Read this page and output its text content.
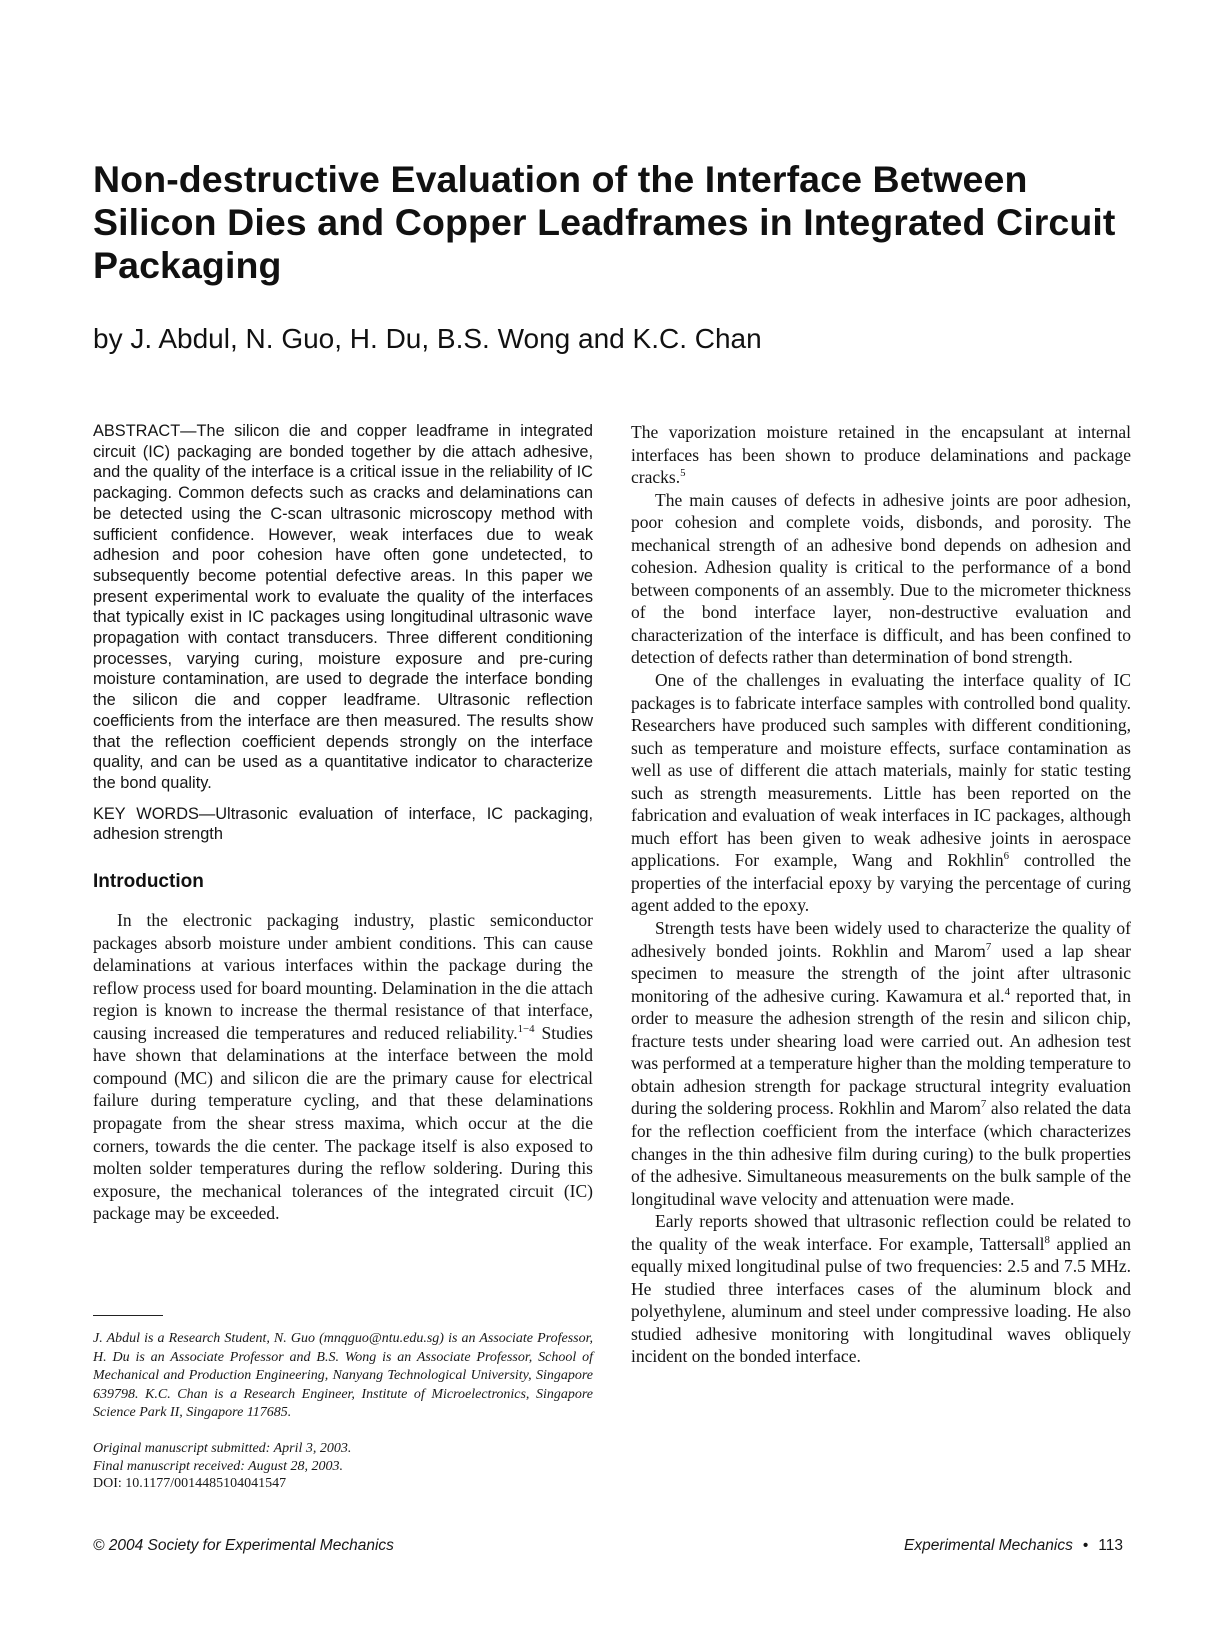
Non-destructive Evaluation of the Interface Between Silicon Dies and Copper Leadframes in Integrated Circuit Packaging
by J. Abdul, N. Guo, H. Du, B.S. Wong and K.C. Chan

ABSTRACT—The silicon die and copper leadframe in integrated circuit (IC) packaging are bonded together by die attach adhesive, and the quality of the interface is a critical issue in the reliability of IC packaging. Common defects such as cracks and delaminations can be detected using the C-scan ultrasonic microscopy method with sufficient confidence. However, weak interfaces due to weak adhesion and poor cohesion have often gone undetected, to subsequently become potential defective areas. In this paper we present experimental work to evaluate the quality of the interfaces that typically exist in IC packages using longitudinal ultrasonic wave propagation with contact transducers. Three different conditioning processes, varying curing, moisture exposure and pre-curing moisture contamination, are used to degrade the interface bonding the silicon die and copper leadframe. Ultrasonic reflection coefficients from the interface are then measured. The results show that the reflection coefficient depends strongly on the interface quality, and can be used as a quantitative indicator to characterize the bond quality.

KEY WORDS—Ultrasonic evaluation of interface, IC packaging, adhesion strength

Introduction

In the electronic packaging industry, plastic semiconductor packages absorb moisture under ambient conditions. This can cause delaminations at various interfaces within the package during the reflow process used for board mounting. Delamination in the die attach region is known to increase the thermal resistance of that interface, causing increased die temperatures and reduced reliability.$^{1-4}$ Studies have shown that delaminations at the interface between the mold compound (MC) and silicon die are the primary cause for electrical failure during temperature cycling, and that these delaminations propagate from the shear stress maxima, which occur at the die corners, towards the die center. The package itself is also exposed to molten solder temperatures during the reflow soldering. During this exposure, the mechanical tolerances of the integrated circuit (IC) package may be exceeded.

The vaporization moisture retained in the encapsulant at internal interfaces has been shown to produce delaminations and package cracks.$^5$

The main causes of defects in adhesive joints are poor adhesion, poor cohesion and complete voids, disbonds, and porosity. The mechanical strength of an adhesive bond depends on adhesion and cohesion. Adhesion quality is critical to the performance of a bond between components of an assembly. Due to the micrometer thickness of the bond interface layer, non-destructive evaluation and characterization of the interface is difficult, and has been confined to detection of defects rather than determination of bond strength.

One of the challenges in evaluating the interface quality of IC packages is to fabricate interface samples with controlled bond quality. Researchers have produced such samples with different conditioning, such as temperature and moisture effects, surface contamination as well as use of different die attach materials, mainly for static testing such as strength measurements. Little has been reported on the fabrication and evaluation of weak interfaces in IC packages, although much effort has been given to weak adhesive joints in aerospace applications. For example, Wang and Rokhlin$^6$ controlled the properties of the interfacial epoxy by varying the percentage of curing agent added to the epoxy.

Strength tests have been widely used to characterize the quality of adhesively bonded joints. Rokhlin and Marom$^7$ used a lap shear specimen to measure the strength of the joint after ultrasonic monitoring of the adhesive curing. Kawamura et al.$^4$ reported that, in order to measure the adhesion strength of the resin and silicon chip, fracture tests under shearing load were carried out. An adhesion test was performed at a temperature higher than the molding temperature to obtain adhesion strength for package structural integrity evaluation during the soldering process. Rokhlin and Marom$^7$ also related the data for the reflection coefficient from the interface (which characterizes changes in the thin adhesive film during curing) to the bulk properties of the adhesive. Simultaneous measurements on the bulk sample of the longitudinal wave velocity and attenuation were made.

Early reports showed that ultrasonic reflection could be related to the quality of the weak interface. For example, Tattersall$^8$ applied an equally mixed longitudinal pulse of two frequencies: 2.5 and 7.5 MHz. He studied three interfaces cases of the aluminum block and polyethylene, aluminum and steel under compressive loading. He also studied adhesive monitoring with longitudinal waves obliquely incident on the bonded interface.

J. Abdul is a Research Student, N. Guo (mnqguo@ntu.edu.sg) is an Associate Professor, H. Du is an Associate Professor and B.S. Wong is an Associate Professor, School of Mechanical and Production Engineering, Nanyang Technological University, Singapore 639798. K.C. Chan is a Research Engineer, Institute of Microelectronics, Singapore Science Park II, Singapore 117685.

Original manuscript submitted: April 3, 2003.
Final manuscript received: August 28, 2003.
DOI: 10.1177/0014485104041547

© 2004 Society for Experimental Mechanics	Experimental Mechanics • 113
